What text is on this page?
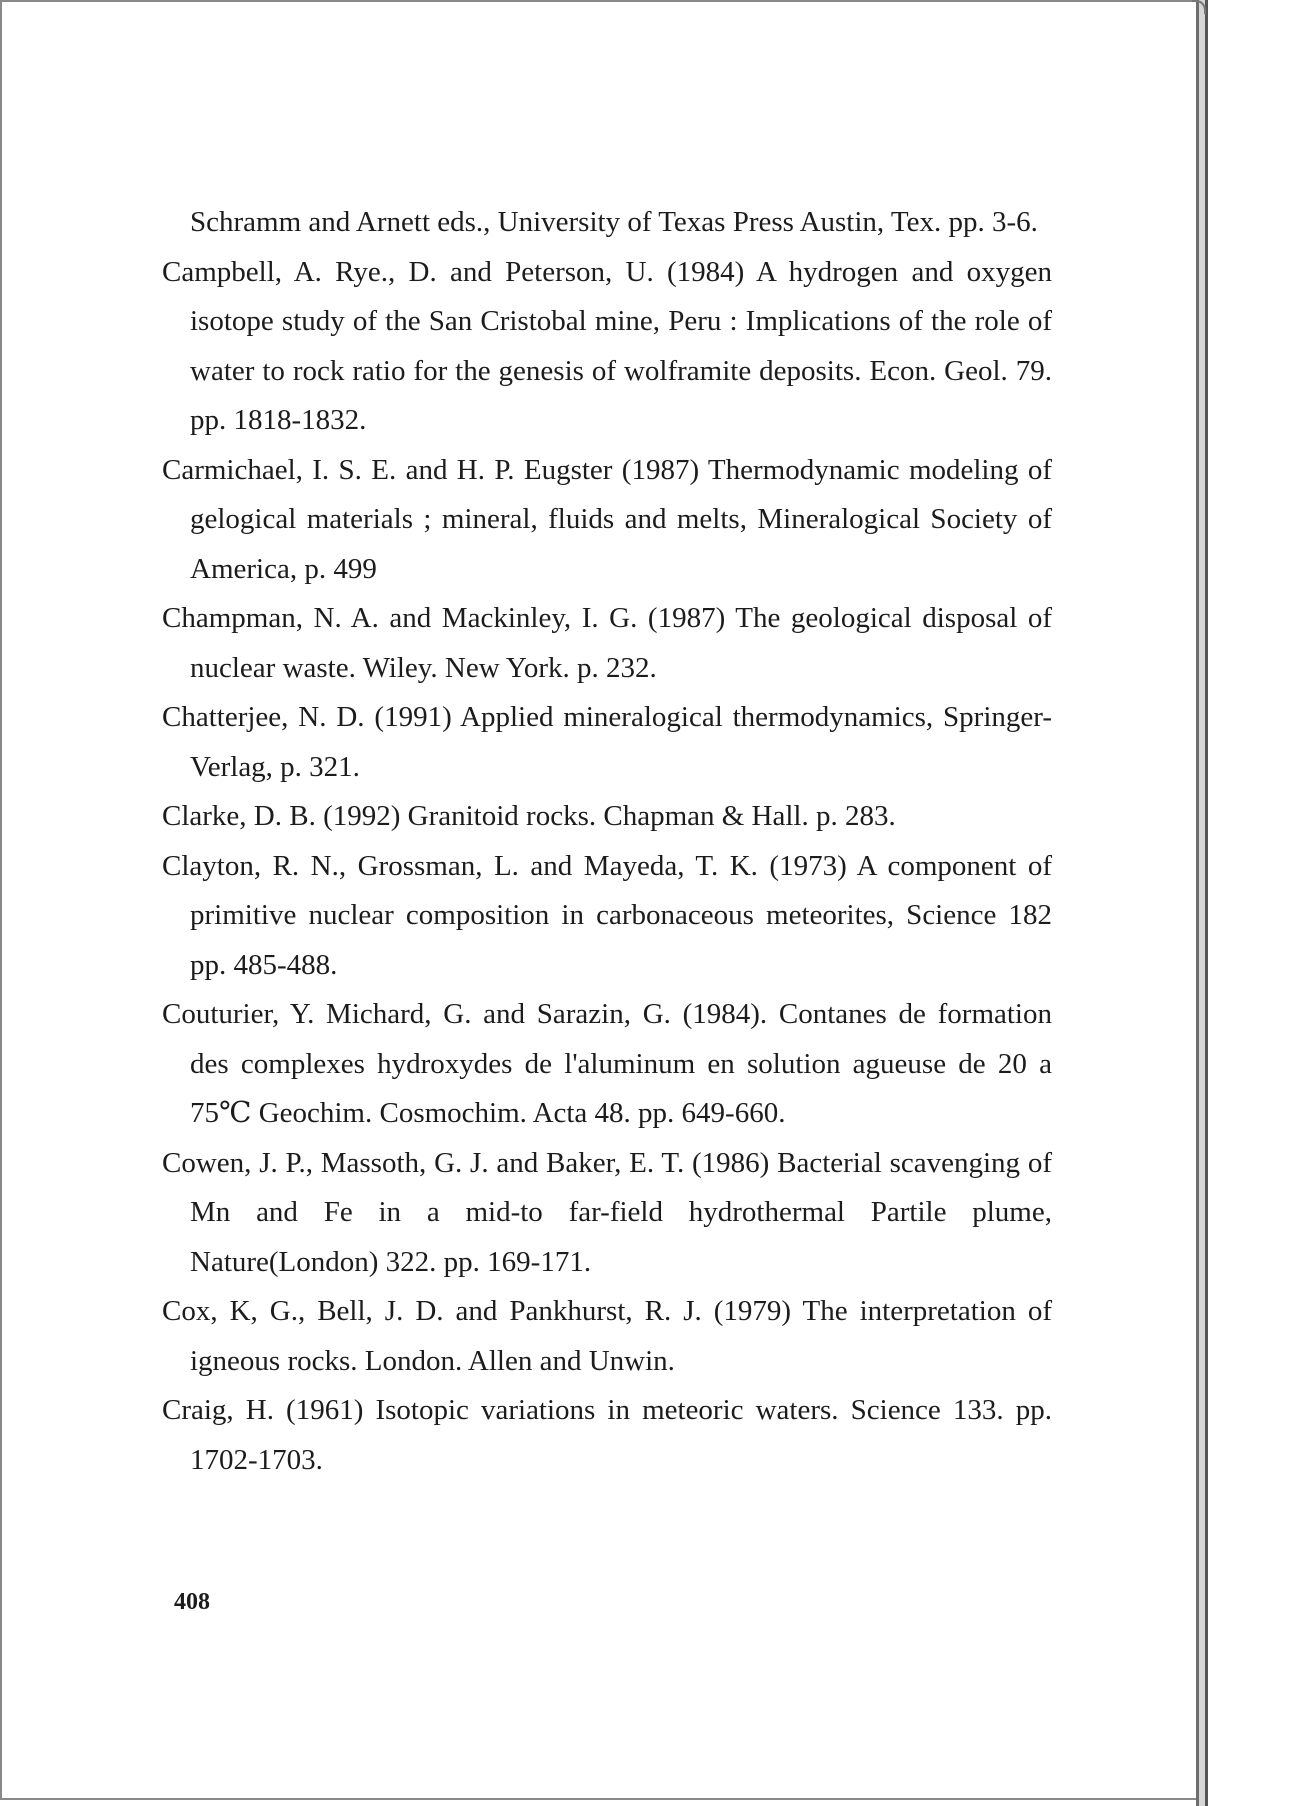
Schramm and Arnett eds., University of Texas Press Austin, Tex. pp. 3-6.

Campbell, A. Rye., D. and Peterson, U. (1984) A hydrogen and oxygen isotope study of the San Cristobal mine, Peru : Implications of the role of water to rock ratio for the genesis of wolframite deposits. Econ. Geol. 79. pp. 1818-1832.

Carmichael, I. S. E. and H. P. Eugster (1987) Thermodynamic modeling of gelogical materials ; mineral, fluids and melts, Mineralogical Society of America, p. 499

Champman, N. A. and Mackinley, I. G. (1987) The geological disposal of nuclear waste. Wiley. New York. p. 232.

Chatterjee, N. D. (1991) Applied mineralogical thermodynamics, Springer-Verlag, p. 321.

Clarke, D. B. (1992) Granitoid rocks. Chapman & Hall. p. 283.

Clayton, R. N., Grossman, L. and Mayeda, T. K. (1973) A component of primitive nuclear composition in carbonaceous meteorites, Science 182 pp. 485-488.

Couturier, Y. Michard, G. and Sarazin, G. (1984). Contanes de formation des complexes hydroxydes de l'aluminum en solution agueuse de 20 a 75℃ Geochim. Cosmochim. Acta 48. pp. 649-660.

Cowen, J. P., Massoth, G. J. and Baker, E. T. (1986) Bacterial scavenging of Mn and Fe in a mid-to far-field hydrothermal Partile plume, Nature(London) 322. pp. 169-171.

Cox, K, G., Bell, J. D. and Pankhurst, R. J. (1979) The interpretation of igneous rocks. London. Allen and Unwin.

Craig, H. (1961) Isotopic variations in meteoric waters. Science 133. pp. 1702-1703.

408
